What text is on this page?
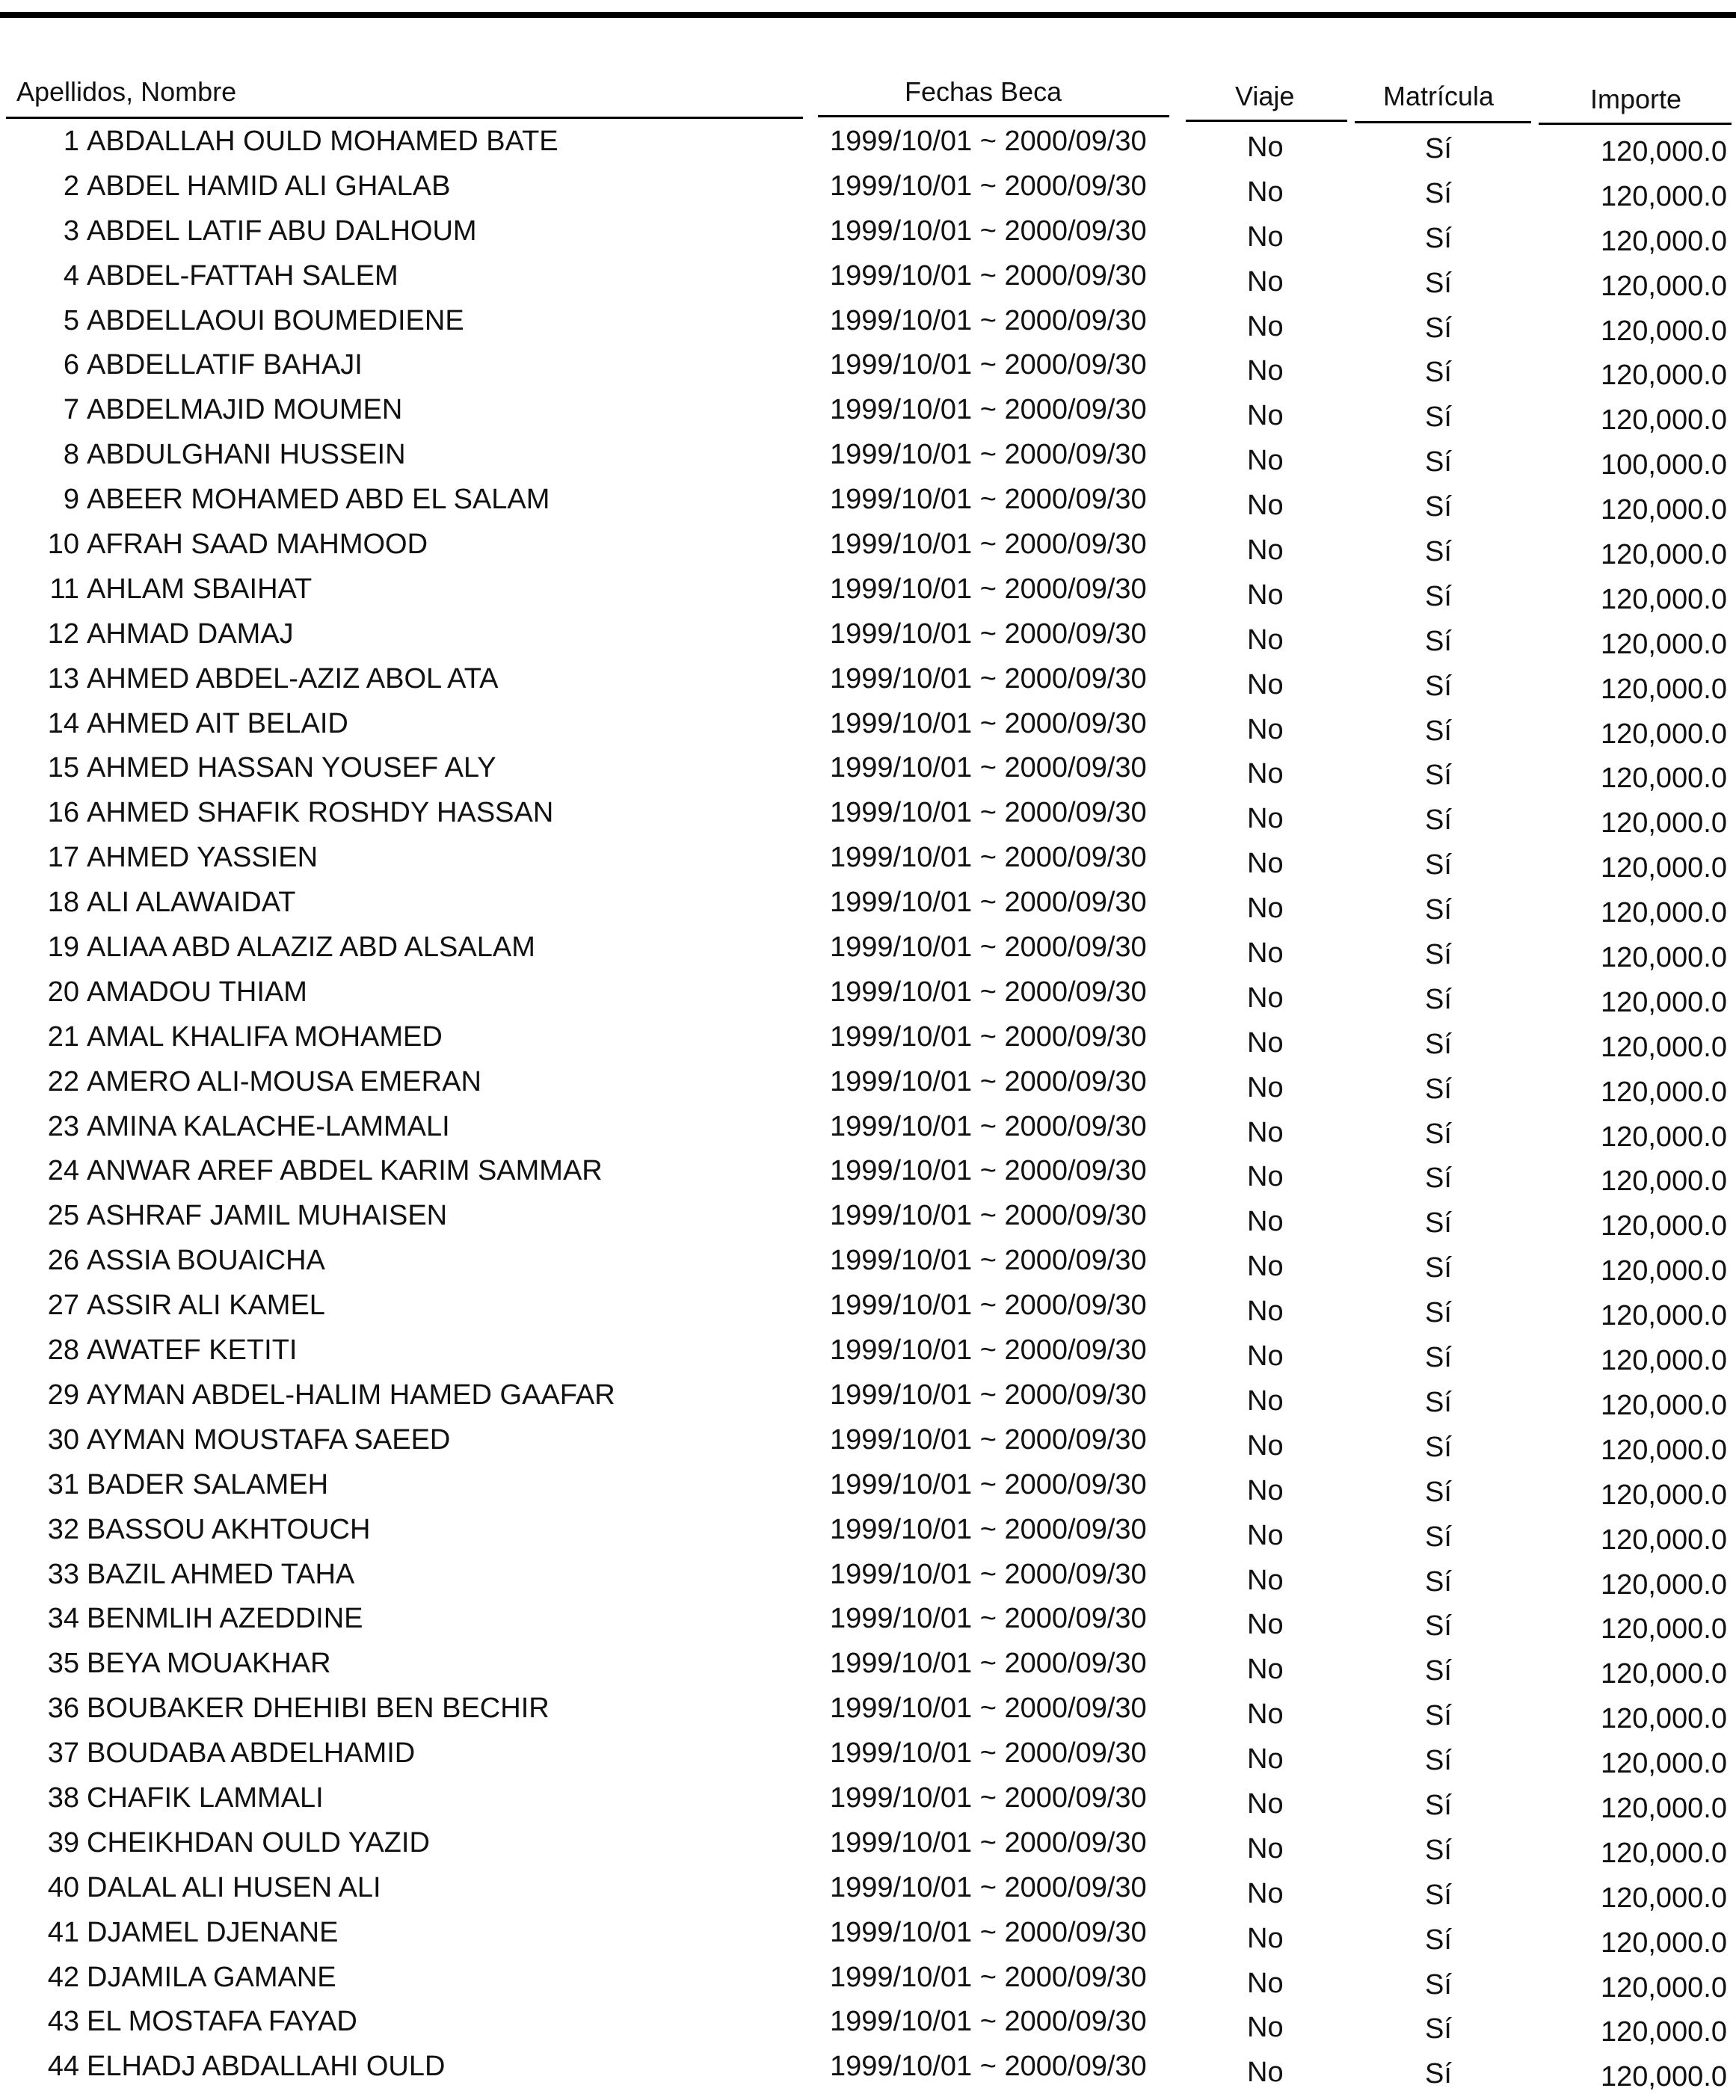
Apellidos, Nombre	Fechas Beca	Viaje	Matrícula	Importe
1 ABDALLAH OULD MOHAMED BATE	1999/10/01 ~ 2000/09/30	No	Sí	120,000.0
2 ABDEL HAMID ALI GHALAB	1999/10/01 ~ 2000/09/30	No	Sí	120,000.0
3 ABDEL LATIF ABU DALHOUM	1999/10/01 ~ 2000/09/30	No	Sí	120,000.0
4 ABDEL-FATTAH SALEM	1999/10/01 ~ 2000/09/30	No	Sí	120,000.0
5 ABDELLAOUI BOUMEDIENE	1999/10/01 ~ 2000/09/30	No	Sí	120,000.0
6 ABDELLATIF BAHAJI	1999/10/01 ~ 2000/09/30	No	Sí	120,000.0
7 ABDELMAJID MOUMEN	1999/10/01 ~ 2000/09/30	No	Sí	120,000.0
8 ABDULGHANI HUSSEIN	1999/10/01 ~ 2000/09/30	No	Sí	100,000.0
9 ABEER MOHAMED ABD EL SALAM	1999/10/01 ~ 2000/09/30	No	Sí	120,000.0
10 AFRAH SAAD MAHMOOD	1999/10/01 ~ 2000/09/30	No	Sí	120,000.0
11 AHLAM SBAIHAT	1999/10/01 ~ 2000/09/30	No	Sí	120,000.0
12 AHMAD DAMAJ	1999/10/01 ~ 2000/09/30	No	Sí	120,000.0
13 AHMED ABDEL-AZIZ ABOL ATA	1999/10/01 ~ 2000/09/30	No	Sí	120,000.0
14 AHMED AIT BELAID	1999/10/01 ~ 2000/09/30	No	Sí	120,000.0
15 AHMED HASSAN YOUSEF ALY	1999/10/01 ~ 2000/09/30	No	Sí	120,000.0
16 AHMED SHAFIK ROSHDY HASSAN	1999/10/01 ~ 2000/09/30	No	Sí	120,000.0
17 AHMED YASSIEN	1999/10/01 ~ 2000/09/30	No	Sí	120,000.0
18 ALI ALAWAIDAT	1999/10/01 ~ 2000/09/30	No	Sí	120,000.0
19 ALIAA ABD ALAZIZ ABD ALSALAM	1999/10/01 ~ 2000/09/30	No	Sí	120,000.0
20 AMADOU THIAM	1999/10/01 ~ 2000/09/30	No	Sí	120,000.0
21 AMAL KHALIFA MOHAMED	1999/10/01 ~ 2000/09/30	No	Sí	120,000.0
22 AMERO ALI-MOUSA EMERAN	1999/10/01 ~ 2000/09/30	No	Sí	120,000.0
23 AMINA KALACHE-LAMMALI	1999/10/01 ~ 2000/09/30	No	Sí	120,000.0
24 ANWAR AREF ABDEL KARIM SAMMAR	1999/10/01 ~ 2000/09/30	No	Sí	120,000.0
25 ASHRAF JAMIL MUHAISEN	1999/10/01 ~ 2000/09/30	No	Sí	120,000.0
26 ASSIA BOUAICHA	1999/10/01 ~ 2000/09/30	No	Sí	120,000.0
27 ASSIR ALI KAMEL	1999/10/01 ~ 2000/09/30	No	Sí	120,000.0
28 AWATEF KETITI	1999/10/01 ~ 2000/09/30	No	Sí	120,000.0
29 AYMAN ABDEL-HALIM HAMED GAAFAR	1999/10/01 ~ 2000/09/30	No	Sí	120,000.0
30 AYMAN MOUSTAFA SAEED	1999/10/01 ~ 2000/09/30	No	Sí	120,000.0
31 BADER SALAMEH	1999/10/01 ~ 2000/09/30	No	Sí	120,000.0
32 BASSOU AKHTOUCH	1999/10/01 ~ 2000/09/30	No	Sí	120,000.0
33 BAZIL AHMED TAHA	1999/10/01 ~ 2000/09/30	No	Sí	120,000.0
34 BENMLIH AZEDDINE	1999/10/01 ~ 2000/09/30	No	Sí	120,000.0
35 BEYA MOUAKHAR	1999/10/01 ~ 2000/09/30	No	Sí	120,000.0
36 BOUBAKER DHEHIBI BEN BECHIR	1999/10/01 ~ 2000/09/30	No	Sí	120,000.0
37 BOUDABA ABDELHAMID	1999/10/01 ~ 2000/09/30	No	Sí	120,000.0
38 CHAFIK LAMMALI	1999/10/01 ~ 2000/09/30	No	Sí	120,000.0
39 CHEIKHDAN OULD YAZID	1999/10/01 ~ 2000/09/30	No	Sí	120,000.0
40 DALAL ALI HUSEN ALI	1999/10/01 ~ 2000/09/30	No	Sí	120,000.0
41 DJAMEL DJENANE	1999/10/01 ~ 2000/09/30	No	Sí	120,000.0
42 DJAMILA GAMANE	1999/10/01 ~ 2000/09/30	No	Sí	120,000.0
43 EL MOSTAFA FAYAD	1999/10/01 ~ 2000/09/30	No	Sí	120,000.0
44 ELHADJ ABDALLAHI OULD	1999/10/01 ~ 2000/09/30	No	Sí	120,000.0
